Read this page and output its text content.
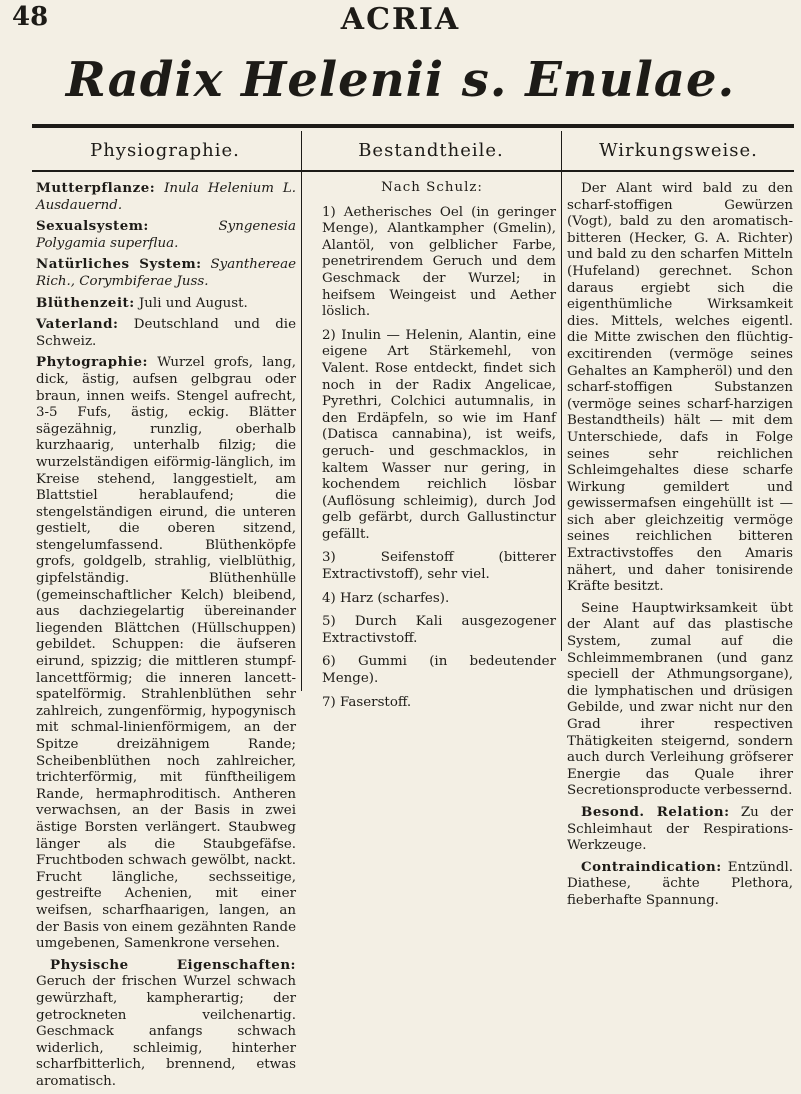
48	ACRIA
Radix Helenii s. Enulae.
Physiographie.	Bestandtheile.	Wirkungsweise.

Mutterpflanze: Inula Helenium L. Ausdauernd.

Sexualsystem:	Syngenesia Polygamia superflua.

Natürliches System: Syantherеae Rich., Corymbiferae Juss.

Blüthenzeit: Juli und August.

Vaterland: Deutschland und die Schweiz.

Phytographie: Wurzel grofs, lang, dick, ästig, aufsen gelbgrau oder braun, innen weifs. Stengel aufrecht, 3-5 Fufs, ästig, eckig. Blätter sägezähnig, runzlig, oberhalb kurzhaarig, unterhalb filzig; die wurzelständigen eiförmig-länglich, im Kreise stehend, langgestielt, am Blattstiel herablaufend; die stengelständigen eirund, die unteren gestielt, die oberen sitzend, stengelumfassend. Blüthenköpfe grofs, goldgelb, strahlig, vielblüthig, gipfelständig. Blüthenhülle (gemeinschaftlicher Kelch) bleibend, aus dachziegelartig übereinander liegenden Blättchen (Hüllschuppen) gebildet. Schuppen: die äufseren eirund, spizzig; die mittleren stumpf-lancettförmig; die inneren lancett-spatelförmig. Strahlenblüthen sehr zahlreich, zungenförmig, hypogynisch mit schmal-linienförmigem, an der Spitze dreizähnigem Rande; Scheibenblüthen noch zahlreicher, trichterförmig, mit fünftheiligem Rande, hermaphroditisch. Antheren verwachsen, an der Basis in zwei ästige Borsten verlängert. Staubweg länger als die Staubgefäfse. Fruchtboden schwach gewölbt, nackt. Frucht längliche, sechsseitige, gestreifte Achenien, mit einer weifsen, scharfhaarigen, langen, an der Basis von einem gezähnten Rande umgebenen, Samenkrone versehen.

Physische Eigenschaften: Geruch der frischen Wurzel schwach gewürzhaft, kampherartig; der getrockneten veilchenartig. Geschmack anfangs schwach widerlich, schleimig, hinterher scharfbitterlich, brennend, etwas aromatisch.

Nach Schulz:

1) Aetherisches Oel (in geringer Menge), Alantkampher (Gmelin), Alantöl, von gelblicher Farbe, penetrirendem Geruch und dem Geschmack der Wurzel; in heifsem Weingeist und Aether löslich.

2) Inulin — Helenin, Alantin, eine eigene Art Stärkemehl, von Valent. Rose entdeckt, findet sich noch in der Radix Angelicae, Pyrethri, Colchici autumnalis, in den Erdäpfeln, so wie im Hanf (Datisca cannabina), ist weifs, geruch- und geschmacklos, in kaltem Wasser nur gering, in kochendem reichlich lösbar (Auflösung schleimig), durch Jod gelb gefärbt, durch Gallustinctur gefällt.

3) Seifenstoff (bitterer Extractivstoff), sehr viel.

4) Harz (scharfes).

5) Durch Kali ausgezogener Extractivstoff.

6) Gummi (in bedeutender Menge).

7) Faserstoff.

Der Alant wird bald zu den scharf-stoffigen Gewürzen (Vogt), bald zu den aromatisch-bitteren (Hecker, G. A. Richter) und bald zu den scharfen Mitteln (Hufeland) gerechnet. Schon daraus ergiebt sich die eigenthümliche Wirksamkeit dies. Mittels, welches eigentl. die Mitte zwischen den flüchtig-excitirenden (vermöge seines Gehaltes an Kampheröl) und den scharf-stoffigen Substanzen (vermöge seines scharf-harzigen Bestandtheils) hält — mit dem Unterschiede, dafs in Folge seines sehr reichlichen Schleimgehaltes diese scharfe Wirkung gemildert und gewissermafsen eingehüllt ist — sich aber gleichzeitig vermöge seines reichlichen bitteren Extractivstoffes den Amaris nähert, und daher tonisirende Kräfte besitzt.

Seine Hauptwirksamkeit übt der Alant auf das plastische System, zumal auf die Schleimmembranen (und ganz speciell der Athmungsorgane), die lymphatischen und drüsigen Gebilde, und zwar nicht nur den Grad ihrer respectiven Thätigkeiten steigernd, sondern auch durch Verleihung gröfserer Energie das Quale ihrer Secretionsproducte verbessernd.

Besond. Relation: Zu der Schleimhaut der Respirations-Werkzeuge.

Contraindication: Entzündl. Diathese, ächte Plethora, fieberhafte Spannung.
